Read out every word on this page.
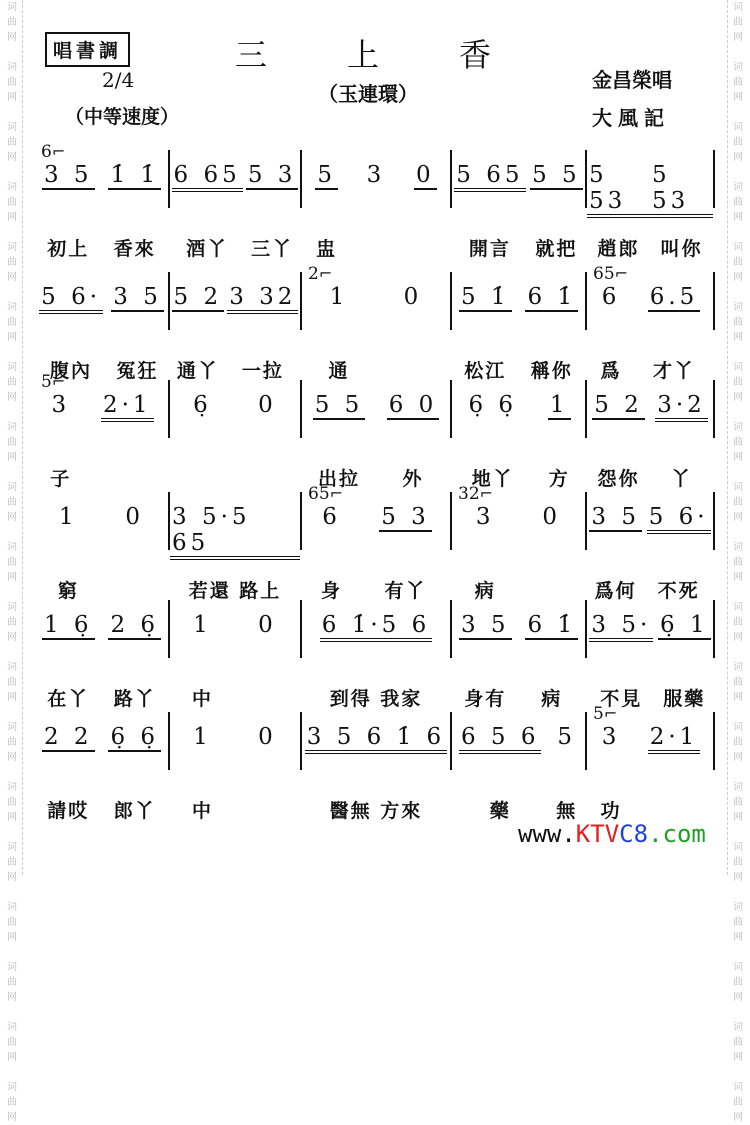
词
曲
网

词
曲
网

词
曲
网

词
曲
网

词
曲
网

词
曲
网

词
曲
网

词
曲
网

词
曲
网

词
曲
网

词
曲
网

词
曲
网

词
曲
网

词
曲
网

词
曲
网

词
曲
网

词
曲
网

词
曲
网

词
曲
网

词
曲
网

词
曲
网

词
曲
网

词
曲
网

词
曲
网

词
曲
网

词
曲
网

词
曲
网

词
曲
网

词
曲
网

词
曲
网

词
曲
网

词
曲
网

词
曲
网

词
曲
网

词
曲
网

词
曲
网

词
曲
网

词
曲
网

唱書調	三上香
2/4
（中等速度）
（玉連環）
金昌榮唱
大風記
6 ⌐
3 5
初上
1̇ 1̇
香來
6 65
酒丫
5 3
三丫
5
盅
3 0 5 65
開言
5 5
就把
5 53
趙郎
5 53
叫你
5 6·
腹內
3 5
冤狂
5 2
通丫
3 32
一拉
2 ⌐
1
通
0 5 1̇
松江
6 1̇
稱你
65 ⌐
6
爲
6.5
才丫
5 ⌐
3
子
2·1 6̣ 0 5 5
出拉
6 0
外
6̣ 6̣
地丫
1
方
5 2
怨你
3·2
丫
1
窮
0 3 5·5 65
若還 路上
65 ⌐
6
身
5 3
有丫
32 ⌐
3
病
0 3 5
爲何
5 6·
不死
1 6̣
在丫
2 6̣
路丫
1
中
0 6 1̇·5 6
到得 我家
3 5
身有
6 1̇
病
3 5·
不見
6̣ 1
服藥
2 2
請哎
6̣ 6̣
郎丫
1
中
0 3 5 6 1̇ 6
醫無 方來
6 5 6
藥
5
無
5 ⌐
3
功
2·1
www.KTVC8.com
